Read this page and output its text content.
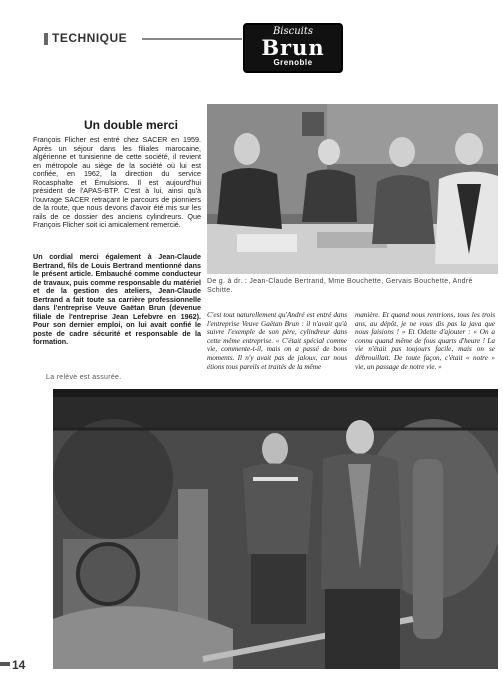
TECHNIQUE	Biscuits
Brun
Grenoble
Un double merci
François Flicher est entré chez SACER en 1959. Après un séjour dans les filiales marocaine, algérienne et tunisienne de cette société, il revient en métropole au siège de la société où lui est confiée, en 1962, la direction du service Rocasphalte et Émulsions. Il est aujourd'hui président de l'APAS-BTP. C'est à lui, ainsi qu'à l'ouvrage SACER retraçant le parcours de pionniers de la route, que nous devons d'avoir été mis sur les rails de ce dossier des anciens cylindreurs. Que François Flicher soit ici amicalement remercié.
Un cordial merci également à Jean-Claude Bertrand, fils de Louis Bertrand mentionné dans le présent article. Embauché comme conducteur de travaux, puis comme responsable du matériel et de la gestion des ateliers, Jean-Claude Bertrand a fait toute sa carrière professionnelle dans l'entreprise Veuve Gaëtan Brun (devenue filiale de l'entreprise Jean Lefebvre en 1962). Pour son dernier emploi, on lui avait confié le poste de cadre sécurité et responsable de la formation.
De g. à dr. : Jean-Claude Bertrand, Mme Bouchette, Gervais Bouchette, André Schitte.
C'est tout naturellement qu'André est entré dans l'entreprise Veuve Gaëtan Brun : il n'avait qu'à suivre l'exemple de son père, cylindreur dans cette même entreprise. « C'était spécial comme vie, commente-t-il, mais on a passé de bons moments. Il n'y avait pas de jaloux, car nous étions tous pareils et traités de la même
manière. Et quand nous rentrions, tous les trois ans, au dépôt, je ne vous dis pas la java que nous faisions ! » Et Odette d'ajouter : « On a connu quand même de fous quarts d'heure ! La vie n'était pas toujours facile, mais on se débrouillait. De toute façon, c'était « notre » vie, un passage de notre vie. »
La relève est assurée.
14
